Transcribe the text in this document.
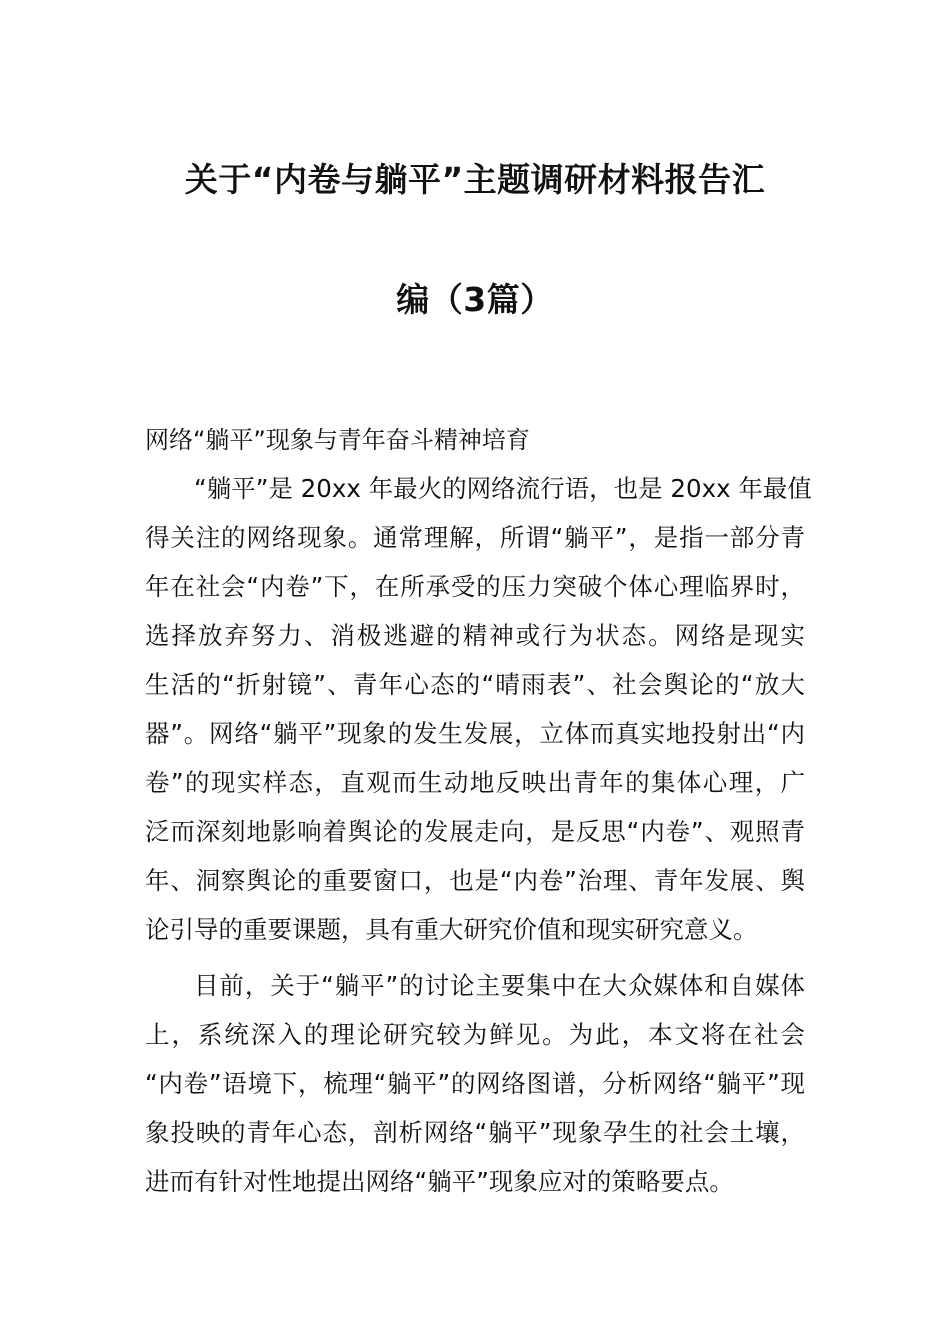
关于“内卷与躺平”主题调研材料报告汇
编（3篇）
网络“躺平”现象与青年奋斗精神培育
“躺平”是 20xx 年最火的网络流行语，也是 20xx 年最值
得关注的网络现象。通常理解，所谓“躺平”，是指一部分青
年在社会“内卷”下，在所承受的压力突破个体心理临界时，
选择放弃努力、消极逃避的精神或行为状态。网络是现实
生活的“折射镜”、青年心态的“晴雨表”、社会舆论的“放大
器”。网络“躺平”现象的发生发展，立体而真实地投射出“内
卷”的现实样态，直观而生动地反映出青年的集体心理，广
泛而深刻地影响着舆论的发展走向，是反思“内卷”、观照青
年、洞察舆论的重要窗口，也是“内卷”治理、青年发展、舆
论引导的重要课题，具有重大研究价值和现实研究意义。
目前，关于“躺平”的讨论主要集中在大众媒体和自媒体
上，系统深入的理论研究较为鲜见。为此，本文将在社会
“内卷”语境下，梳理“躺平”的网络图谱，分析网络“躺平”现
象投映的青年心态，剖析网络“躺平”现象孕生的社会土壤，
进而有针对性地提出网络“躺平”现象应对的策略要点。
